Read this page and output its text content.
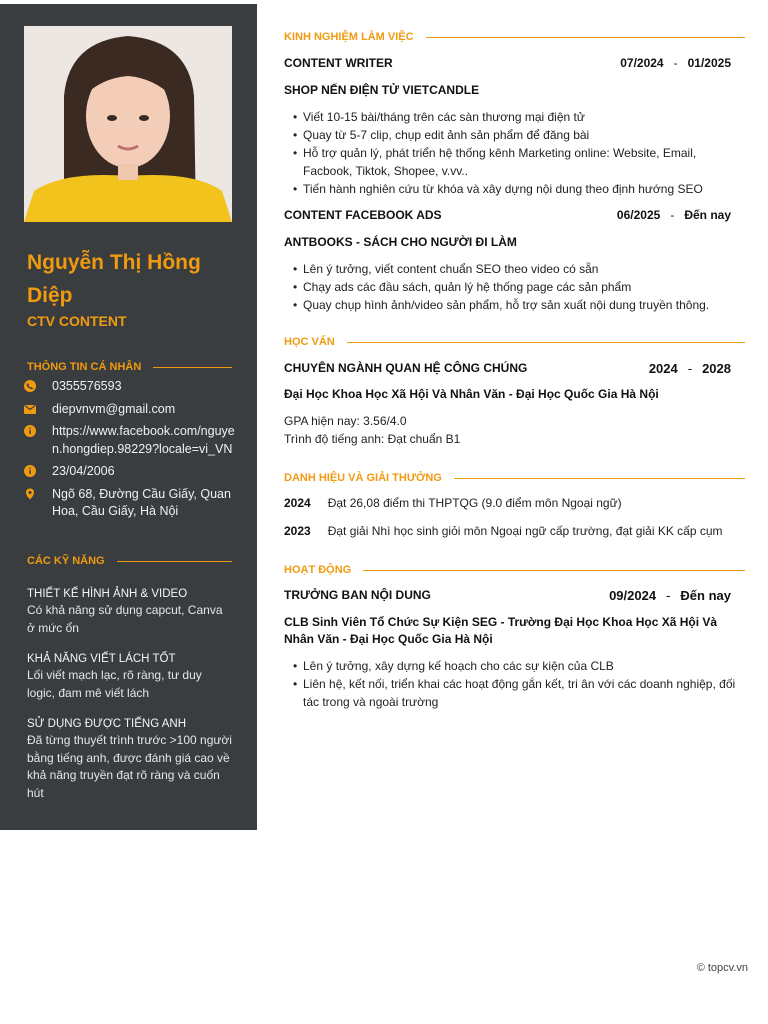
Nguyễn Thị Hồng Diệp
CTV CONTENT
THÔNG TIN CÁ NHÂN
0355576593
diepvnvm@gmail.com
https://www.facebook.com/nguyen.hongdiep.98229?locale=vi_VN
23/04/2006
Ngõ 68, Đường Cầu Giấy, Quan Hoa, Cầu Giấy, Hà Nội
CÁC KỸ NĂNG
THIẾT KẾ HÌNH ẢNH & VIDEO
Có khả năng sử dụng capcut, Canva ở mức ổn
KHẢ NĂNG VIẾT LÁCH TỐT
Lối viết mạch lạc, rõ ràng, tư duy logic, đam mê viết lách
SỬ DỤNG ĐƯỢC TIẾNG ANH
Đã từng thuyết trình trước >100 người bằng tiếng anh, được đánh giá cao về khả năng truyền đạt rõ ràng và cuốn hút
KINH NGHIỆM LÀM VIỆC
CONTENT WRITER	07/2024 - 01/2025
SHOP NẾN ĐIỆN TỬ VIETCANDLE
• Viết 10-15 bài/tháng trên các sàn thương mại điện tử
• Quay từ 5-7 clip, chụp edit ảnh sản phẩm để đăng bài
• Hỗ trợ quản lý, phát triển hệ thống kênh Marketing online: Website, Email, Facbook, Tiktok, Shopee, v.vv..
• Tiến hành nghiên cứu từ khóa và xây dựng nội dung theo định hướng SEO
CONTENT FACEBOOK ADS	06/2025 - Đến nay
ANTBOOKS - SÁCH CHO NGƯỜI ĐI LÀM
• Lên ý tưởng, viết content chuẩn SEO theo video có sẵn
• Chạy ads các đầu sách, quản lý hệ thống page các sản phẩm
• Quay chụp hình ảnh/video sản phẩm, hỗ trợ sản xuất nội dung truyền thông.
HỌC VẤN
CHUYÊN NGÀNH QUAN HỆ CÔNG CHÚNG	2024 - 2028
Đại Học Khoa Học Xã Hội Và Nhân Văn - Đại Học Quốc Gia Hà Nội
GPA hiện nay: 3.56/4.0
Trình độ tiếng anh: Đạt chuẩn B1
DANH HIỆU VÀ GIẢI THƯỞNG
2024 Đạt 26,08 điểm thi THPTQG (9.0 điểm môn Ngoại ngữ)
2023 Đạt giải Nhì học sinh giỏi môn Ngoại ngữ cấp trường, đạt giải KK cấp cụm
HOẠT ĐỘNG
TRƯỞNG BAN NỘI DUNG	09/2024 - Đến nay
CLB Sinh Viên Tổ Chức Sự Kiện SEG - Trường Đại Học Khoa Học Xã Hội Và Nhân Văn - Đại Học Quốc Gia Hà Nội
• Lên ý tưởng, xây dựng kế hoạch cho các sự kiện của CLB
• Liên hệ, kết nối, triển khai các hoạt động gắn kết, tri ân với các doanh nghiệp, đối tác trong và ngoài trường
© topcv.vn
